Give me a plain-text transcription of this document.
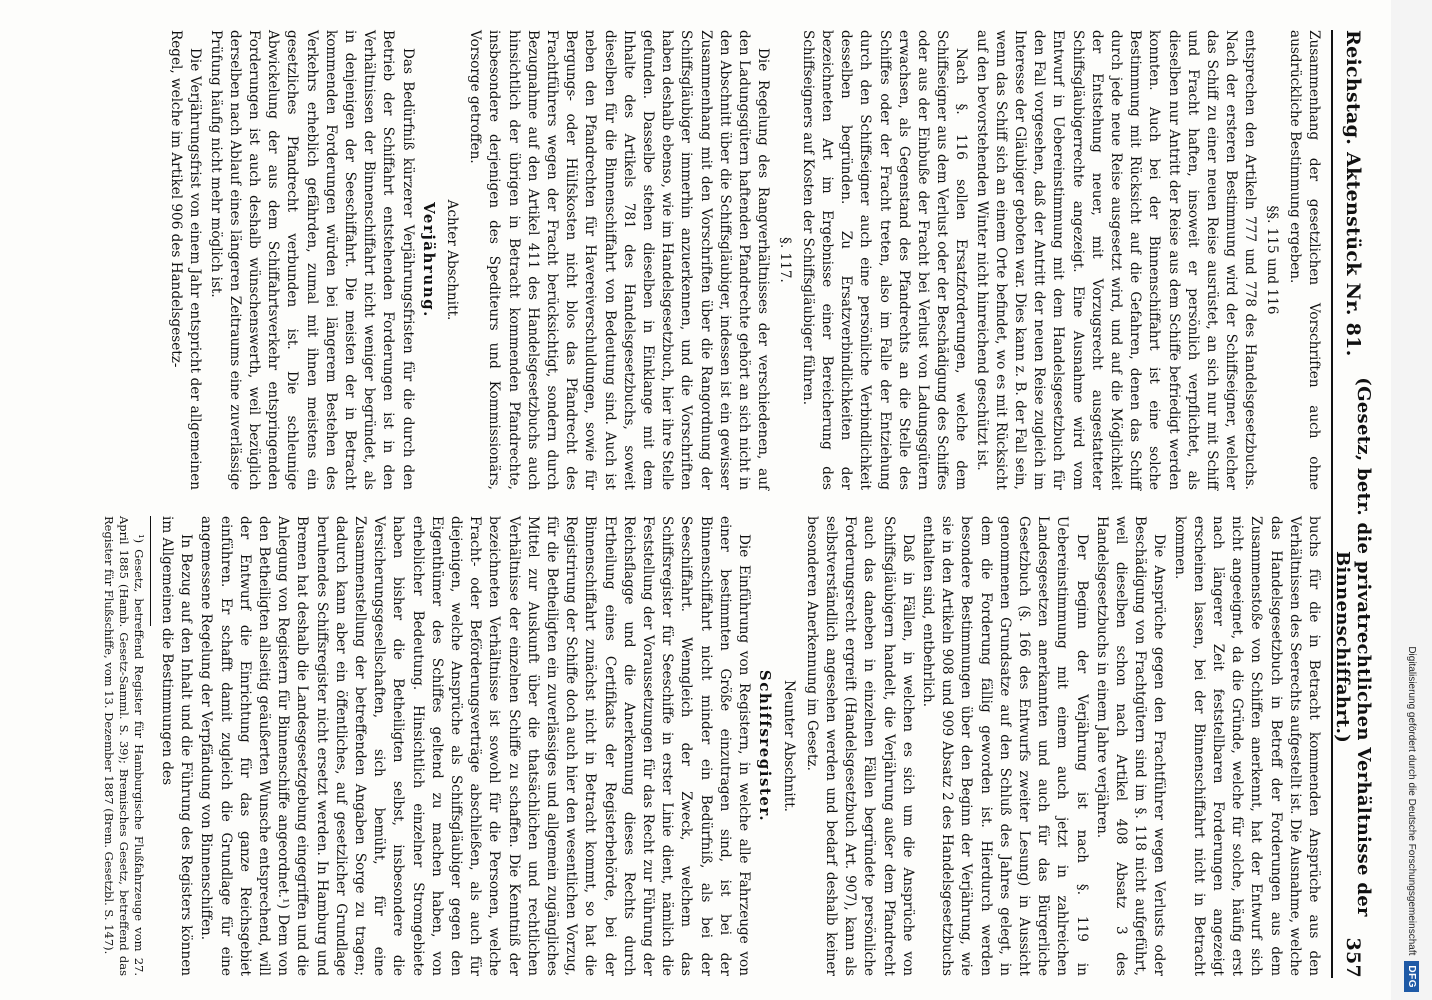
Reichstag. Aktenstück Nr. 81.
(Gesetz, betr. die privatrechtlichen Verhältnisse der Binnenschiffahrt.)
357

Zusammenhang der gesetzlichen Vorschriften auch ohne ausdrückliche Bestimmung ergeben.

§§. 115 und 116

entsprechen den Artikeln 777 und 778 des Handelsgesetzbuchs. Nach der ersteren Bestimmung wird der Schiffseigner, welcher das Schiff zu einer neuen Reise ausrüstet, an sich nur mit Schiff und Fracht haften, insoweit er persönlich verpflichtet, als dieselben nur Antritt der Reise aus dem Schiffe befriedigt werden konnten. Auch bei der Binnenschiffahrt ist eine solche Bestimmung mit Rücksicht auf die Gefahren, denen das Schiff durch jede neue Reise ausgesetzt wird, und auf die Möglichkeit der Entstehung neuer, mit Vorzugsrecht ausgestatteter Schiffsgläubigerrechte angezeigt. Eine Ausnahme wird vom Entwurf in Uebereinstimmung mit dem Handelsgesetzbuch für den Fall vorgesehen, daß der Antritt der neuen Reise zugleich im Interesse der Gläubiger geboten war. Dies kann z. B. der Fall sein, wenn das Schiff sich an einem Orte befindet, wo es mit Rücksicht auf den bevorstehenden Winter nicht hinreichend geschützt ist.

Nach §. 116 sollen Ersatzforderungen, welche dem Schiffseigner aus dem Verlust oder der Beschädigung des Schiffes oder aus der Einbuße der Fracht bei Verlust von Ladungsgütern erwachsen, als Gegenstand des Pfandrechts an die Stelle des Schiffes oder der Fracht treten, also im Falle der Entziehung durch den Schiffseigner auch eine persönliche Verbindlichkeit desselben begründen. Zu Ersatzverbindlichkeiten der bezeichneten Art im Ergebnisse einer Bereicherung des Schiffseigners auf Kosten der Schiffsgläubiger führen.

§. 117.

Die Regelung des Rangverhältnisses der verschiedenen, auf den Ladungsgütern haftenden Pfandrechte gehört an sich nicht in den Abschnitt über die Schiffsgläubiger, indessen ist ein gewisser Zusammenhang mit den Vorschriften über die Rangordnung der Schiffsgläubiger immerhin anzuerkennen, und die Vorschriften haben deshalb ebenso, wie im Handelsgesetzbuch, hier ihre Stelle gefunden. Dasselbe stehen dieselben in Einklange mit dem Inhalte des Artikels 781 des Handelsgesetzbuchs, soweit dieselben für die Binnenschiffahrt von Bedeutung sind. Auch ist neben den Pfandrechten für Havereiverschuldungen, sowie für Bergungs- oder Hülfskosten nicht blos das Pfandrecht des Frachtführers wegen der Fracht berücksichtigt, sondern durch Bezugnahme auf den Artikel 411 des Handelsgesetzbuchs auch hinsichtlich der übrigen in Betracht kommenden Pfandrechte, insbesondere derjenigen des Spediteurs und Kommissionärs, Vorsorge getroffen.

Achter Abschnitt.

Verjährung.

Das Bedürfniß kürzerer Verjährungsfristen für die durch den Betrieb der Schiffahrt entstehenden Forderungen ist in den Verhältnissen der Binnenschiffahrt nicht weniger begründet, als in denjenigen der Seeschiffahrt. Die meisten der in Betracht kommenden Forderungen würden bei längerem Bestehen des Verkehrs erheblich gefährden, zumal mit ihnen meistens ein gesetzliches Pfandrecht verbunden ist. Die schleunige Abwickelung der aus dem Schiffahrtsverkehr entspringenden Forderungen ist auch deshalb wünschenswerth, weil bezüglich derselben nach Ablauf eines längeren Zeitraums eine zuverlässige Prüfung häufig nicht mehr möglich ist.

Die Verjährungsfrist von einem Jahr entspricht der allgemeinen Regel, welche im Artikel 906 des Handelsgesetz-

buchs für die in Betracht kommenden Ansprüche aus den Verhältnissen des Seerechts aufgestellt ist. Die Ausnahme, welche das Handelsgesetzbuch in Betreff der Forderungen aus dem Zusammenstoße von Schiffen anerkennt, hat der Entwurf sich nicht angeeignet, da die Gründe, welche für solche, häufig erst nach längerer Zeit feststellbaren Forderungen angezeigt erscheinen lassen, bei der Binnenschiffahrt nicht in Betracht kommen.

Die Ansprüche gegen den Frachtführer wegen Verlusts oder Beschädigung von Frachtgütern sind im §. 118 nicht aufgeführt, weil dieselben schon nach Artikel 408 Absatz 3 des Handelsgesetzbuchs in einem Jahre verjähren.

Der Beginn der Verjährung ist nach §. 119 in Uebereinstimmung mit einem auch jetzt in zahlreichen Landesgesetzen anerkannten und auch für das Bürgerliche Gesetzbuch (§. 166 des Entwurfs zweiter Lesung) in Aussicht genommenen Grundsatze auf den Schluß des Jahres gelegt, in dem die Forderung fällig geworden ist. Hierdurch werden besondere Bestimmungen über den Beginn der Verjährung, wie sie in den Artikeln 908 und 909 Absatz 2 des Handelsgesetzbuchs enthalten sind, entbehrlich.

Daß in Fällen, in welchen es sich um die Ansprüche von Schiffsgläubigern handelt, die Verjährung außer dem Pfandrecht auch das daneben in einzelnen Fällen begründete persönliche Forderungsrecht ergreift (Handelsgesetzbuch Art. 907), kann als selbstverständlich angesehen werden und bedarf deshalb keiner besonderen Anerkennung im Gesetz.

Neunter Abschnitt.

Schiffsregister.

Die Einführung von Registern, in welche alle Fahrzeuge von einer bestimmten Größe einzutragen sind, ist bei der Binnenschiffahrt nicht minder ein Bedürfniß, als bei der Seeschiffahrt. Wenngleich der Zweck, welchem das Schiffsregister für Seeschiffe in erster Linie dient, nämlich die Feststellung der Voraussetzungen für das Recht zur Führung der Reichsflagge und die Anerkennung dieses Rechts durch Ertheilung eines Certifikats der Registerbehörde, bei der Binnenschiffahrt zunächst nicht in Betracht kommt, so hat die Registrirung der Schiffe doch auch hier den wesentlichen Vorzug, für die Betheiligten ein zuverlässiges und allgemein zugängliches Mittel zur Auskunft über die thatsächlichen und rechtlichen Verhältnisse der einzelnen Schiffe zu schaffen. Die Kenntniß der bezeichneten Verhältnisse ist sowohl für die Personen, welche Fracht- oder Beförderungsverträge abschließen, als auch für diejenigen, welche Ansprüche als Schiffsgläubiger gegen den Eigenthümer des Schiffes geltend zu machen haben, von erheblicher Bedeutung. Hinsichtlich einzelner Stromgebiete haben bisher die Betheiligten selbst, insbesondere die Versicherungsgesellschaften, sich bemüht, für eine Zusammenstellung der betreffenden Angaben Sorge zu tragen; dadurch kann aber ein öffentliches, auf gesetzlicher Grundlage beruhendes Schiffsregister nicht ersetzt werden. In Hamburg und Bremen hat deshalb die Landesgesetzgebung eingegriffen und die Anlegung von Registern für Binnenschiffe angeordnet.¹) Dem von den Betheiligten allseitig geäußerten Wunsche entsprechend, will der Entwurf die Einrichtung für das ganze Reichsgebiet einführen. Er schafft damit zugleich die Grundlage für eine angemessene Regelung der Verpfändung von Binnenschiffen.

In Bezug auf den Inhalt und die Führung des Registers können im Allgemeinen die Bestimmungen des

¹) Gesetz, betreffend Register für Hamburgische Flußfahrzeuge vom 27. April 1885 (Hamb. Gesetz-Samml. S. 39); Bremisches Gesetz, betreffend das Register für Flußschiffe, vom 13. Dezember 1887 (Brem. Gesetzbl. S. 147).	Digitalisierung gefördert durch die Deutsche Forschungsgemeinschaft
DFG
